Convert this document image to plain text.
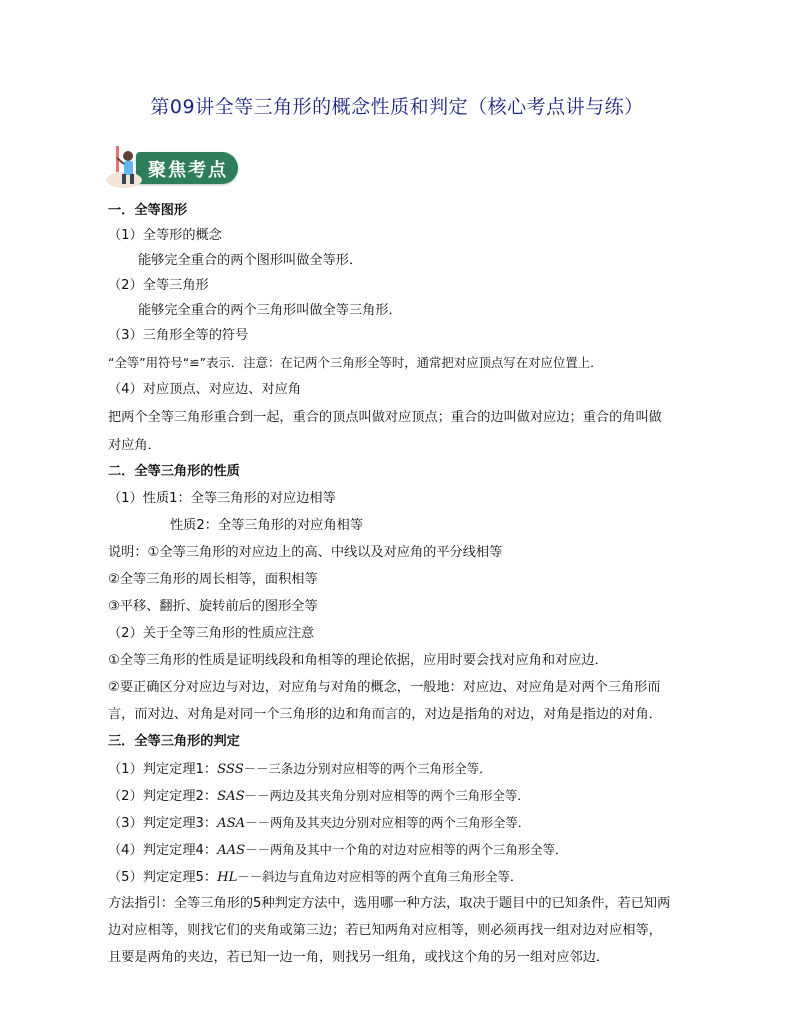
第09讲全等三角形的概念性质和判定（核心考点讲与练）
聚焦考点
一．全等图形
（1）全等形的概念
能够完全重合的两个图形叫做全等形．
（2）全等三角形
能够完全重合的两个三角形叫做全等三角形．
（3）三角形全等的符号
“全等”用符号“≌”表示．注意：在记两个三角形全等时，通常把对应顶点写在对应位置上．
（4）对应顶点、对应边、对应角
把两个全等三角形重合到一起，重合的顶点叫做对应顶点；重合的边叫做对应边；重合的角叫做
对应角．
二．全等三角形的性质
（1）性质1：全等三角形的对应边相等
性质2：全等三角形的对应角相等
说明：①全等三角形的对应边上的高、中线以及对应角的平分线相等
②全等三角形的周长相等，面积相等
③平移、翻折、旋转前后的图形全等
（2）关于全等三角形的性质应注意
①全等三角形的性质是证明线段和角相等的理论依据，应用时要会找对应角和对应边．
②要正确区分对应边与对边，对应角与对角的概念，一般地：对应边、对应角是对两个三角形而
言，而对边、对角是对同一个三角形的边和角而言的，对边是指角的对边，对角是指边的对角．
三．全等三角形的判定
（1）判定定理1：SSS－－三条边分别对应相等的两个三角形全等．
（2）判定定理2：SAS－－两边及其夹角分别对应相等的两个三角形全等．
（3）判定定理3：ASA－－两角及其夹边分别对应相等的两个三角形全等．
（4）判定定理4：AAS－－两角及其中一个角的对边对应相等的两个三角形全等．
（5）判定定理5：HL－－斜边与直角边对应相等的两个直角三角形全等．
方法指引：全等三角形的5种判定方法中，选用哪一种方法，取决于题目中的已知条件，若已知两
边对应相等，则找它们的夹角或第三边；若已知两角对应相等，则必须再找一组对边对应相等，
且要是两角的夹边，若已知一边一角，则找另一组角，或找这个角的另一组对应邻边．
